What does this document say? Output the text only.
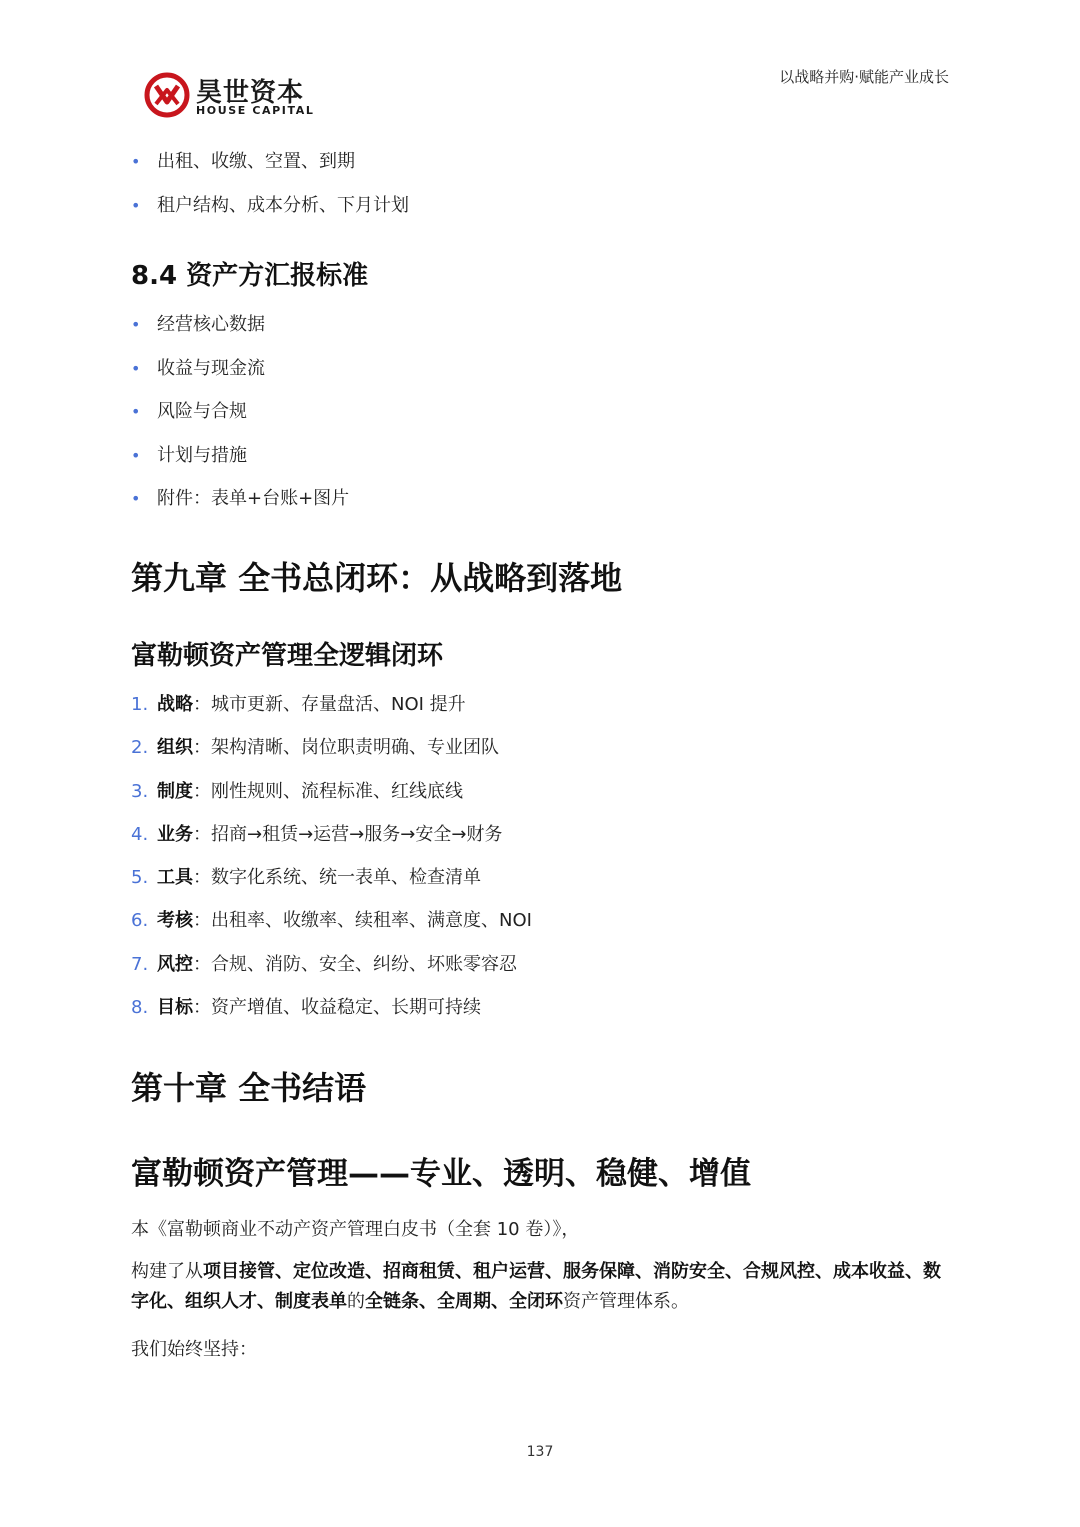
昊世资本
HOUSE CAPITAL
以战略并购·赋能产业成长
• 出租、收缴、空置、到期
• 租户结构、成本分析、下月计划
8.4 资产方汇报标准
• 经营核心数据
• 收益与现金流
• 风险与合规
• 计划与措施
• 附件：表单+台账+图片
第九章 全书总闭环：从战略到落地
富勒顿资产管理全逻辑闭环
1. 战略：城市更新、存量盘活、NOI 提升
2. 组织：架构清晰、岗位职责明确、专业团队
3. 制度：刚性规则、流程标准、红线底线
4. 业务：招商→租赁→运营→服务→安全→财务
5. 工具：数字化系统、统一表单、检查清单
6. 考核：出租率、收缴率、续租率、满意度、NOI
7. 风控：合规、消防、安全、纠纷、坏账零容忍
8. 目标：资产增值、收益稳定、长期可持续
第十章 全书结语
富勒顿资产管理——专业、透明、稳健、增值
本《富勒顿商业不动产资产管理白皮书（全套 10 卷）》，
构建了从项目接管、定位改造、招商租赁、租户运营、服务保障、消防安全、合规风控、成本收益、数字化、组织人才、制度表单的全链条、全周期、全闭环资产管理体系。
我们始终坚持：
137
